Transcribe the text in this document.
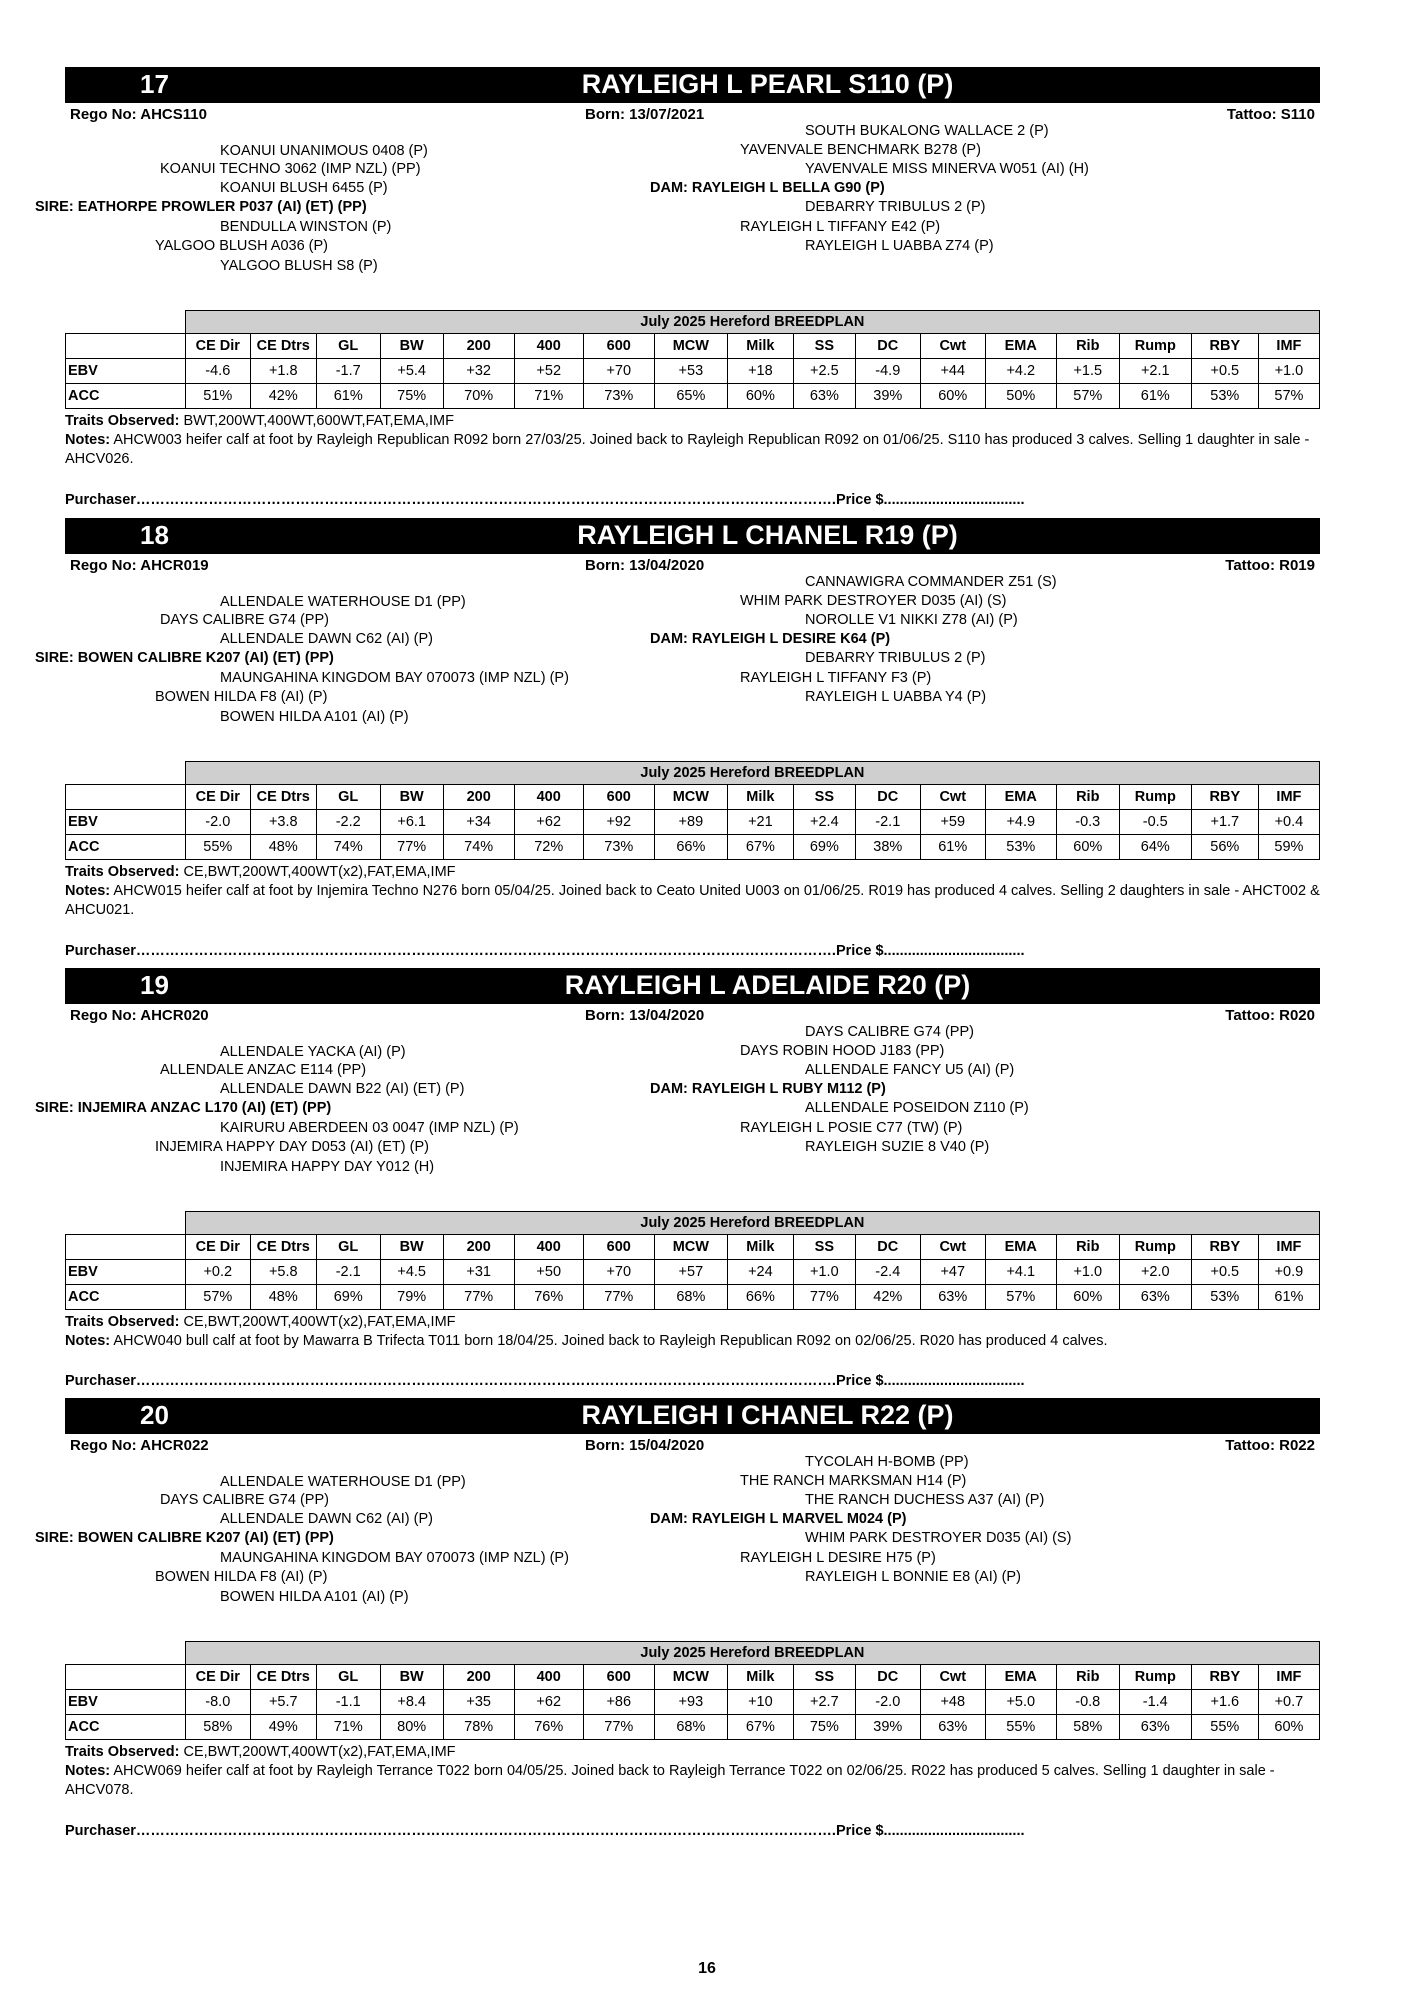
17	RAYLEIGH L PEARL S110 (P)
Rego No: AHCS110	Born: 13/07/2021	Tattoo: S110
KOANUI UNANIMOUS 0408 (P)
KOANUI TECHNO 3062 (IMP NZL) (PP)
KOANUI BLUSH 6455 (P)
SIRE: EATHORPE PROWLER P037 (AI) (ET) (PP)
BENDULLA WINSTON (P)
YALGOO BLUSH A036 (P)
YALGOO BLUSH S8 (P)
SOUTH BUKALONG WALLACE 2 (P)
YAVENVALE BENCHMARK B278 (P)
YAVENVALE MISS MINERVA W051 (AI) (H)
DAM: RAYLEIGH L BELLA G90 (P)
DEBARRY TRIBULUS 2 (P)
RAYLEIGH L TIFFANY E42 (P)
RAYLEIGH L UABBA Z74 (P)
	July 2025 Hereford BREEDPLAN																
	CE Dir	CE Dtrs	GL	BW	200	400	600	MCW	Milk	SS	DC	Cwt	EMA	Rib	Rump	RBY	IMF
EBV	-4.6	+1.8	-1.7	+5.4	+32	+52	+70	+53	+18	+2.5	-4.9	+44	+4.2	+1.5	+2.1	+0.5	+1.0
ACC	51%	42%	61%	75%	70%	71%	73%	65%	60%	63%	39%	60%	50%	57%	61%	53%	57%
Traits Observed: BWT,200WT,400WT,600WT,FAT,EMA,IMF
Notes: AHCW003 heifer calf at foot by Rayleigh Republican R092 born 27/03/25. Joined back to Rayleigh Republican R092 on 01/06/25. S110 has produced 3 calves. Selling 1 daughter in sale - AHCV026.
Purchaser……………………………………………………………………………………………………………………………….Price $...................................
18	RAYLEIGH L CHANEL R19 (P)
Rego No: AHCR019	Born: 13/04/2020	Tattoo: R019
ALLENDALE WATERHOUSE D1 (PP)
DAYS CALIBRE G74 (PP)
ALLENDALE DAWN C62 (AI) (P)
SIRE: BOWEN CALIBRE K207 (AI) (ET) (PP)
MAUNGAHINA KINGDOM BAY 070073 (IMP NZL) (P)
BOWEN HILDA F8 (AI) (P)
BOWEN HILDA A101 (AI) (P)
CANNAWIGRA COMMANDER Z51 (S)
WHIM PARK DESTROYER D035 (AI) (S)
NOROLLE V1 NIKKI Z78 (AI) (P)
DAM: RAYLEIGH L DESIRE K64 (P)
DEBARRY TRIBULUS 2 (P)
RAYLEIGH L TIFFANY F3 (P)
RAYLEIGH L UABBA Y4 (P)
	July 2025 Hereford BREEDPLAN																
	CE Dir	CE Dtrs	GL	BW	200	400	600	MCW	Milk	SS	DC	Cwt	EMA	Rib	Rump	RBY	IMF
EBV	-2.0	+3.8	-2.2	+6.1	+34	+62	+92	+89	+21	+2.4	-2.1	+59	+4.9	-0.3	-0.5	+1.7	+0.4
ACC	55%	48%	74%	77%	74%	72%	73%	66%	67%	69%	38%	61%	53%	60%	64%	56%	59%
Traits Observed: CE,BWT,200WT,400WT(x2),FAT,EMA,IMF
Notes: AHCW015 heifer calf at foot by Injemira Techno N276 born 05/04/25. Joined back to Ceato United U003 on 01/06/25. R019 has produced 4 calves. Selling 2 daughters in sale - AHCT002 & AHCU021.
Purchaser……………………………………………………………………………………………………………………………….Price $...................................
19	RAYLEIGH L ADELAIDE R20 (P)
Rego No: AHCR020	Born: 13/04/2020	Tattoo: R020
ALLENDALE YACKA (AI) (P)
ALLENDALE ANZAC E114 (PP)
ALLENDALE DAWN B22 (AI) (ET) (P)
SIRE: INJEMIRA ANZAC L170 (AI) (ET) (PP)
KAIRURU ABERDEEN 03 0047 (IMP NZL) (P)
INJEMIRA HAPPY DAY D053 (AI) (ET) (P)
INJEMIRA HAPPY DAY Y012 (H)
DAYS CALIBRE G74 (PP)
DAYS ROBIN HOOD J183 (PP)
ALLENDALE FANCY U5 (AI) (P)
DAM: RAYLEIGH L RUBY M112 (P)
ALLENDALE POSEIDON Z110 (P)
RAYLEIGH L POSIE C77 (TW) (P)
RAYLEIGH SUZIE 8 V40 (P)
	July 2025 Hereford BREEDPLAN																
	CE Dir	CE Dtrs	GL	BW	200	400	600	MCW	Milk	SS	DC	Cwt	EMA	Rib	Rump	RBY	IMF
EBV	+0.2	+5.8	-2.1	+4.5	+31	+50	+70	+57	+24	+1.0	-2.4	+47	+4.1	+1.0	+2.0	+0.5	+0.9
ACC	57%	48%	69%	79%	77%	76%	77%	68%	66%	77%	42%	63%	57%	60%	63%	53%	61%
Traits Observed: CE,BWT,200WT,400WT(x2),FAT,EMA,IMF
Notes: AHCW040 bull calf at foot by Mawarra B Trifecta T011 born 18/04/25. Joined back to Rayleigh Republican R092 on 02/06/25. R020 has produced 4 calves.
Purchaser……………………………………………………………………………………………………………………………….Price $...................................
20	RAYLEIGH I CHANEL R22 (P)
Rego No: AHCR022	Born: 15/04/2020	Tattoo: R022
ALLENDALE WATERHOUSE D1 (PP)
DAYS CALIBRE G74 (PP)
ALLENDALE DAWN C62 (AI) (P)
SIRE: BOWEN CALIBRE K207 (AI) (ET) (PP)
MAUNGAHINA KINGDOM BAY 070073 (IMP NZL) (P)
BOWEN HILDA F8 (AI) (P)
BOWEN HILDA A101 (AI) (P)
TYCOLAH H-BOMB (PP)
THE RANCH MARKSMAN H14 (P)
THE RANCH DUCHESS A37 (AI) (P)
DAM: RAYLEIGH L MARVEL M024 (P)
WHIM PARK DESTROYER D035 (AI) (S)
RAYLEIGH L DESIRE H75 (P)
RAYLEIGH L BONNIE E8 (AI) (P)
	July 2025 Hereford BREEDPLAN																
	CE Dir	CE Dtrs	GL	BW	200	400	600	MCW	Milk	SS	DC	Cwt	EMA	Rib	Rump	RBY	IMF
EBV	-8.0	+5.7	-1.1	+8.4	+35	+62	+86	+93	+10	+2.7	-2.0	+48	+5.0	-0.8	-1.4	+1.6	+0.7
ACC	58%	49%	71%	80%	78%	76%	77%	68%	67%	75%	39%	63%	55%	58%	63%	55%	60%
Traits Observed: CE,BWT,200WT,400WT(x2),FAT,EMA,IMF
Notes: AHCW069 heifer calf at foot by Rayleigh Terrance T022 born 04/05/25. Joined back to Rayleigh Terrance T022 on 02/06/25. R022 has produced 5 calves. Selling 1 daughter in sale - AHCV078.
Purchaser……………………………………………………………………………………………………………………………….Price $...................................
16
